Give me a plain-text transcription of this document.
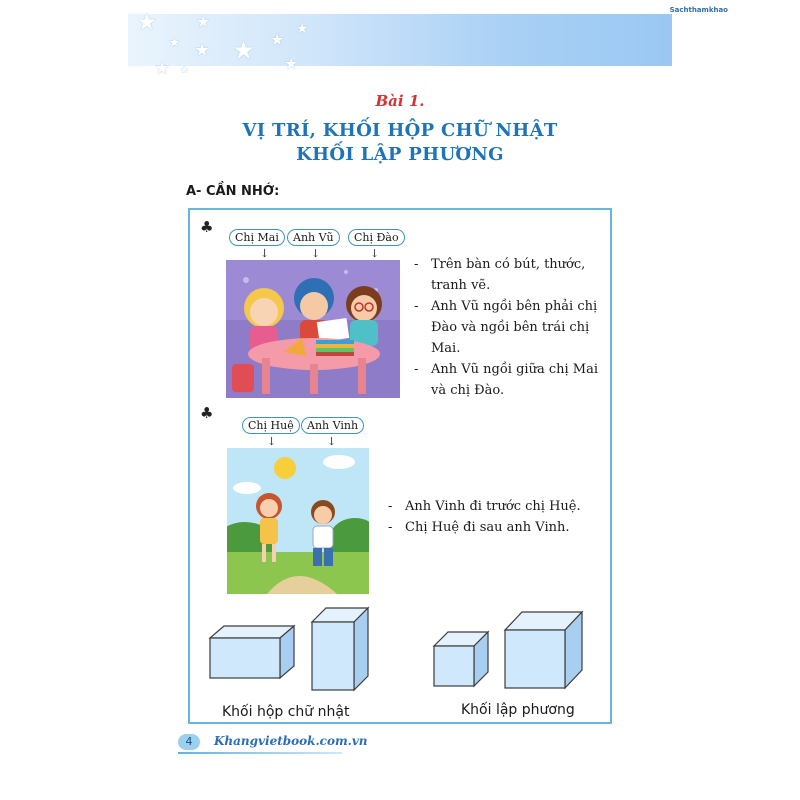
★ ★
★ ★ ★ ★
★
★
★ ★
Sachthamkhao
Bài 1.
VỊ TRÍ, KHỐI HỘP CHỮ NHẬT
KHỐI LẬP PHƯƠNG
A- CẦN NHỚ:
♣
Chị Mai	Anh Vũ	Chị Đào
↓	↓	↓
- Trên bàn có bút, thước, tranh vẽ.
- Anh Vũ ngồi bên phải chị Đào và ngồi bên trái chị Mai.
- Anh Vũ ngồi giữa chị Mai và chị Đào.
♣
Chị Huệ	Anh Vinh
↓	↓
- Anh Vinh đi trước chị Huệ.
- Chị Huệ đi sau anh Vinh.
Khối hộp chữ nhật	Khối lập phương
4	Khangvietbook.com.vn
